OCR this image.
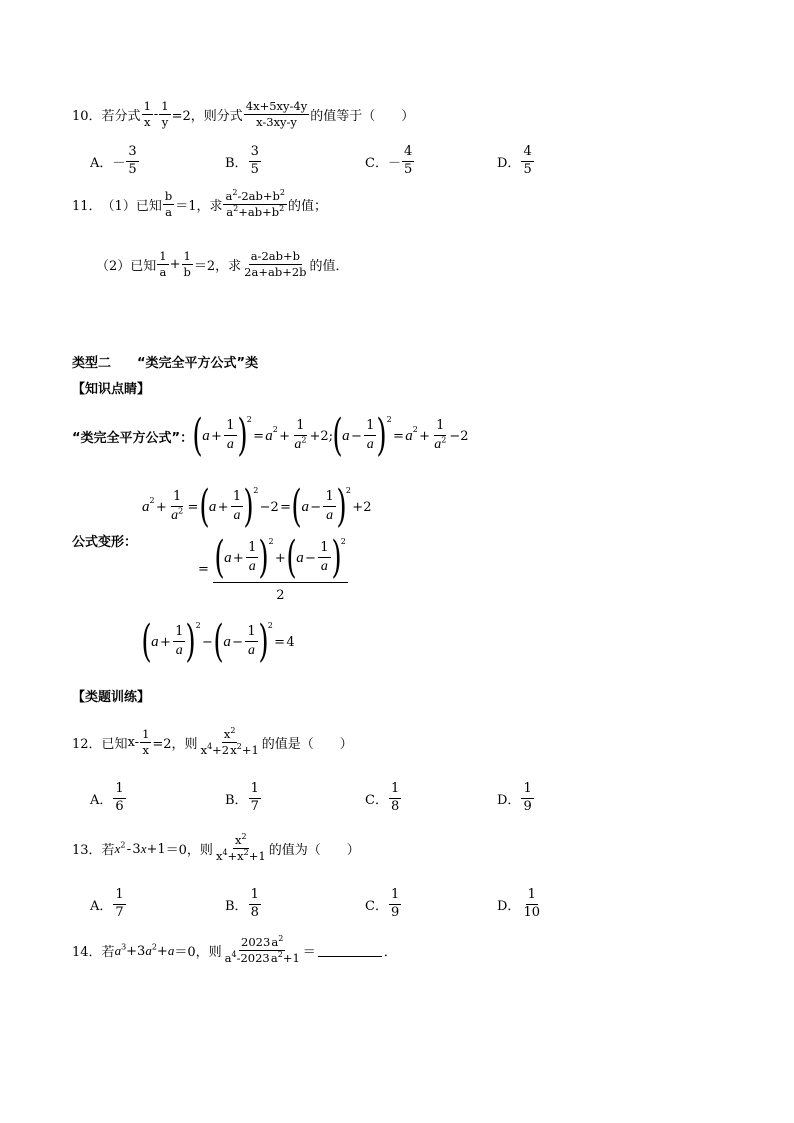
10． 若分式 $\frac{1}{x} - \frac{1}{y} =2$，则分式 $\frac{4x+5xy-4y}{x-3xy-y}$ 的值等于（　　）
A． － $\frac{3}{5}$	B． $\frac{3}{5}$	C． － $\frac{4}{5}$	D． $\frac{4}{5}$
11． （1）已知 $\frac{b}{a} =1$，求 $\frac{a^2-2ab+b^2}{a^2+ab+b^2}$ 的值；
（2）已知 $\frac{1}{a} + \frac{1}{b} =2$，求 $\frac{a-2ab+b}{2a+ab+2b}$ 的值．
类型二　　“类完全平方公式”类
【知识点睛】
“类完全平方公式”： ( a  +  $\frac{1}{a} )^2$
 =  $a^2$  +  $\frac{1}{a^2} +2$; ( a  −  $\frac{1}{a} )^2$
 =  $a^2$  +  $\frac{1}{a^2} -2$
$a^2$  +  $\frac{1}{a^2}$  =  ( a  +  $\frac{1}{a} )^2$
 −2 =  ( a  −  $\frac{1}{a} )^2$
 +2
公式变形：
= ( a  +  $\frac{1}{a} )^2$
 +  ( a  −  $\frac{1}{a} )^2$
2
( a  +  $\frac{1}{a} )^2$
 −  ( a  −  $\frac{1}{a} )^2$
 = 4
【类题训练】
12． 已知 $x- \frac{1}{x} =2$，则 $\frac{x^2}{x^4+2 x^2+1}$ 的值是（　　）
A． $\frac{1}{6}$	B． $\frac{1}{7}$	C． $\frac{1}{8}$	D． $\frac{1}{9}$
13． 若 $x^2$ - 3x+1 ＝0，则 $\frac{x^2}{x^4+x^2+1}$ 的值为（　　）
A． $\frac{1}{7}$	B． $\frac{1}{8}$	C． $\frac{1}{9}$	D． $\frac{1}{10}$
14． 若 $a^3+3a^2+a =0$，则 $\frac{2023 a^2}{a^4-2023 a^2+1}$ ＝	．
